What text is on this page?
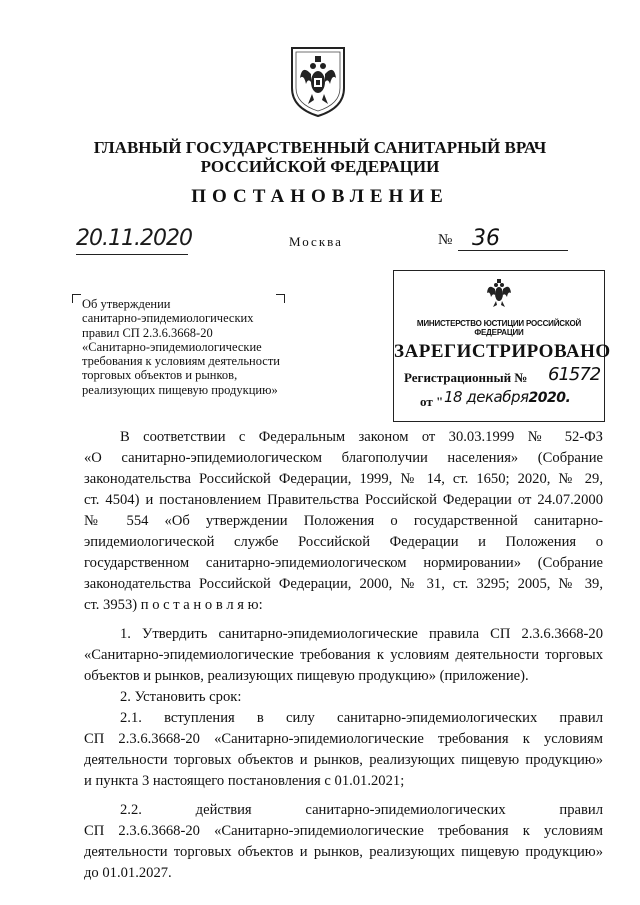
ГЛАВНЫЙ ГОСУДАРСТВЕННЫЙ САНИТАРНЫЙ ВРАЧ
РОССИЙСКОЙ ФЕДЕРАЦИИ
ПОСТАНОВЛЕНИЕ
20.11.2020	Москва	№ 36
Об утверждении
санитарно-эпидемиологических
правил СП 2.3.6.3668-20
«Санитарно-эпидемиологические
требования к условиям деятельности
торговых объектов и рынков,
реализующих пищевую продукцию»
МИНИСТЕРСТВО ЮСТИЦИИ РОССИЙСКОЙ ФЕДЕРАЦИИ
ЗАРЕГИСТРИРОВАНО
Регистрационный № 61572
от " 18 декабря2020.
В соответствии с Федеральным законом от 30.03.1999 № 52-ФЗ
«О санитарно-эпидемиологическом благополучии населения» (Собрание
законодательства Российской Федерации, 1999, № 14, ст. 1650; 2020, № 29,
ст. 4504) и постановлением Правительства Российской Федерации от 24.07.2000
№ 554 «Об утверждении Положения о государственной санитарно-
эпидемиологической службе Российской Федерации и Положения о
государственном санитарно-эпидемиологическом нормировании» (Собрание
законодательства Российской Федерации, 2000, № 31, ст. 3295; 2005, № 39,
ст. 3953) п о с т а н о в л я ю:
1. Утвердить санитарно-эпидемиологические правила СП 2.3.6.3668-20
«Санитарно-эпидемиологические требования к условиям деятельности торговых
объектов и рынков, реализующих пищевую продукцию» (приложение).
2. Установить срок:
2.1. вступления в силу санитарно-эпидемиологических правил
СП 2.3.6.3668-20 «Санитарно-эпидемиологические требования к условиям
деятельности торговых объектов и рынков, реализующих пищевую продукцию»
и пункта 3 настоящего постановления с 01.01.2021;
2.2. действия санитарно-эпидемиологических правил
СП 2.3.6.3668-20 «Санитарно-эпидемиологические требования к условиям
деятельности торговых объектов и рынков, реализующих пищевую продукцию»
до 01.01.2027.
